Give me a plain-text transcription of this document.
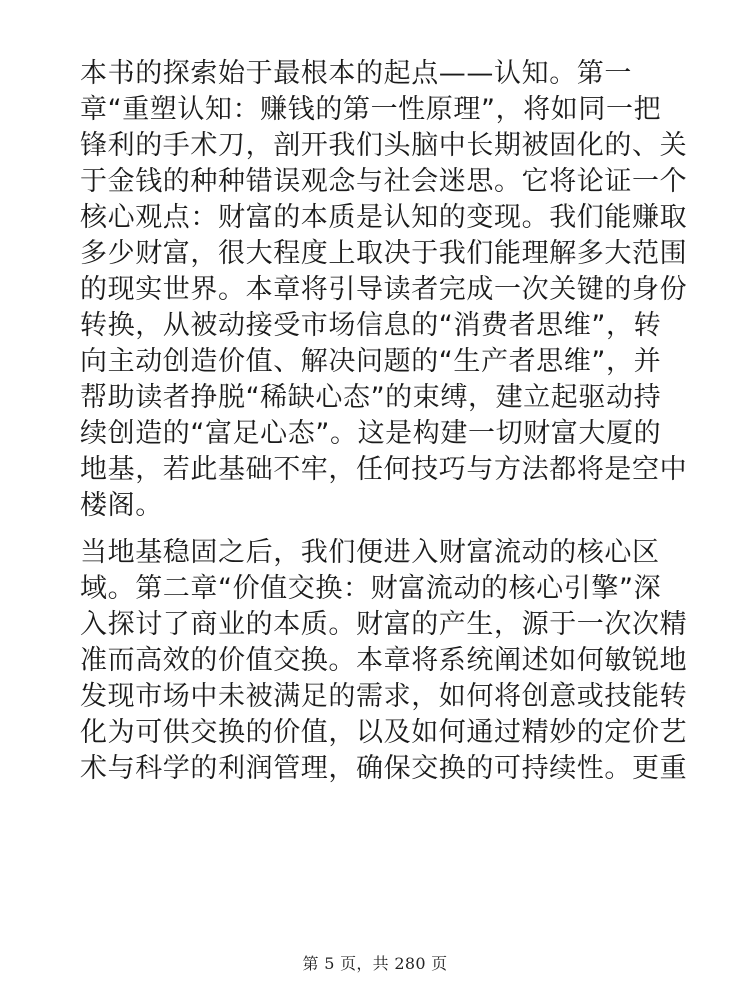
本书的探索始于最根本的起点——认知。第一
章“重塑认知：赚钱的第一性原理”，将如同一把
锋利的手术刀，剖开我们头脑中长期被固化的、关
于金钱的种种错误观念与社会迷思。它将论证一个
核心观点：财富的本质是认知的变现。我们能赚取
多少财富，很大程度上取决于我们能理解多大范围
的现实世界。本章将引导读者完成一次关键的身份
转换，从被动接受市场信息的“消费者思维”，转
向主动创造价值、解决问题的“生产者思维”，并
帮助读者挣脱“稀缺心态”的束缚，建立起驱动持
续创造的“富足心态”。这是构建一切财富大厦的
地基，若此基础不牢，任何技巧与方法都将是空中
楼阁。
当地基稳固之后，我们便进入财富流动的核心区
域。第二章“价值交换：财富流动的核心引擎”深
入探讨了商业的本质。财富的产生，源于一次次精
准而高效的价值交换。本章将系统阐述如何敏锐地
发现市场中未被满足的需求，如何将创意或技能转
化为可供交换的价值，以及如何通过精妙的定价艺
术与科学的利润管理，确保交换的可持续性。更重
第 5 页，共 280 页
